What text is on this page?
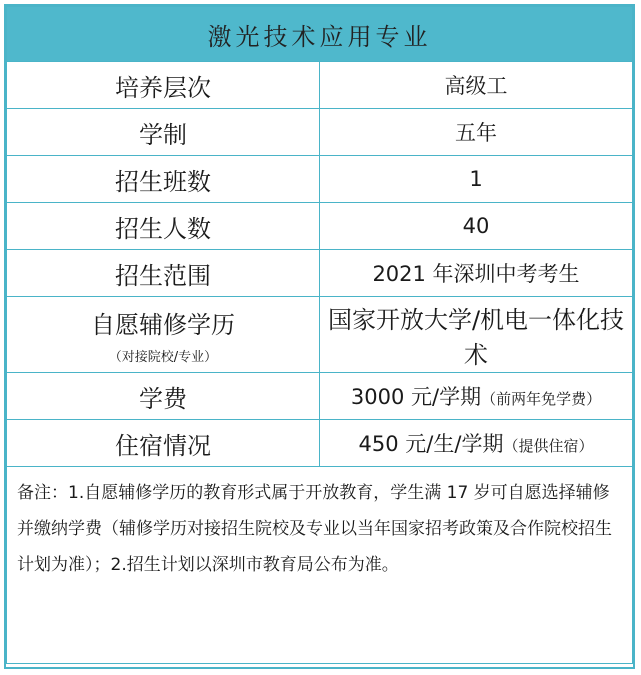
激光技术应用专业	
培养层次	高级工
学制	五年
招生班数	1
招生人数	40
招生范围	2021 年深圳中考考生
自愿辅修学历
（对接院校/专业）	国家开放大学/机电一体化技术
学费	3000 元/学期（前两年免学费）
住宿情况	450 元/生/学期（提供住宿）
备注：1.自愿辅修学历的教育形式属于开放教育，学生满 17 岁可自愿选择辅修并缴纳学费（辅修学历对接招生院校及专业以当年国家招考政策及合作院校招生计划为准）；2.招生计划以深圳市教育局公布为准。	
